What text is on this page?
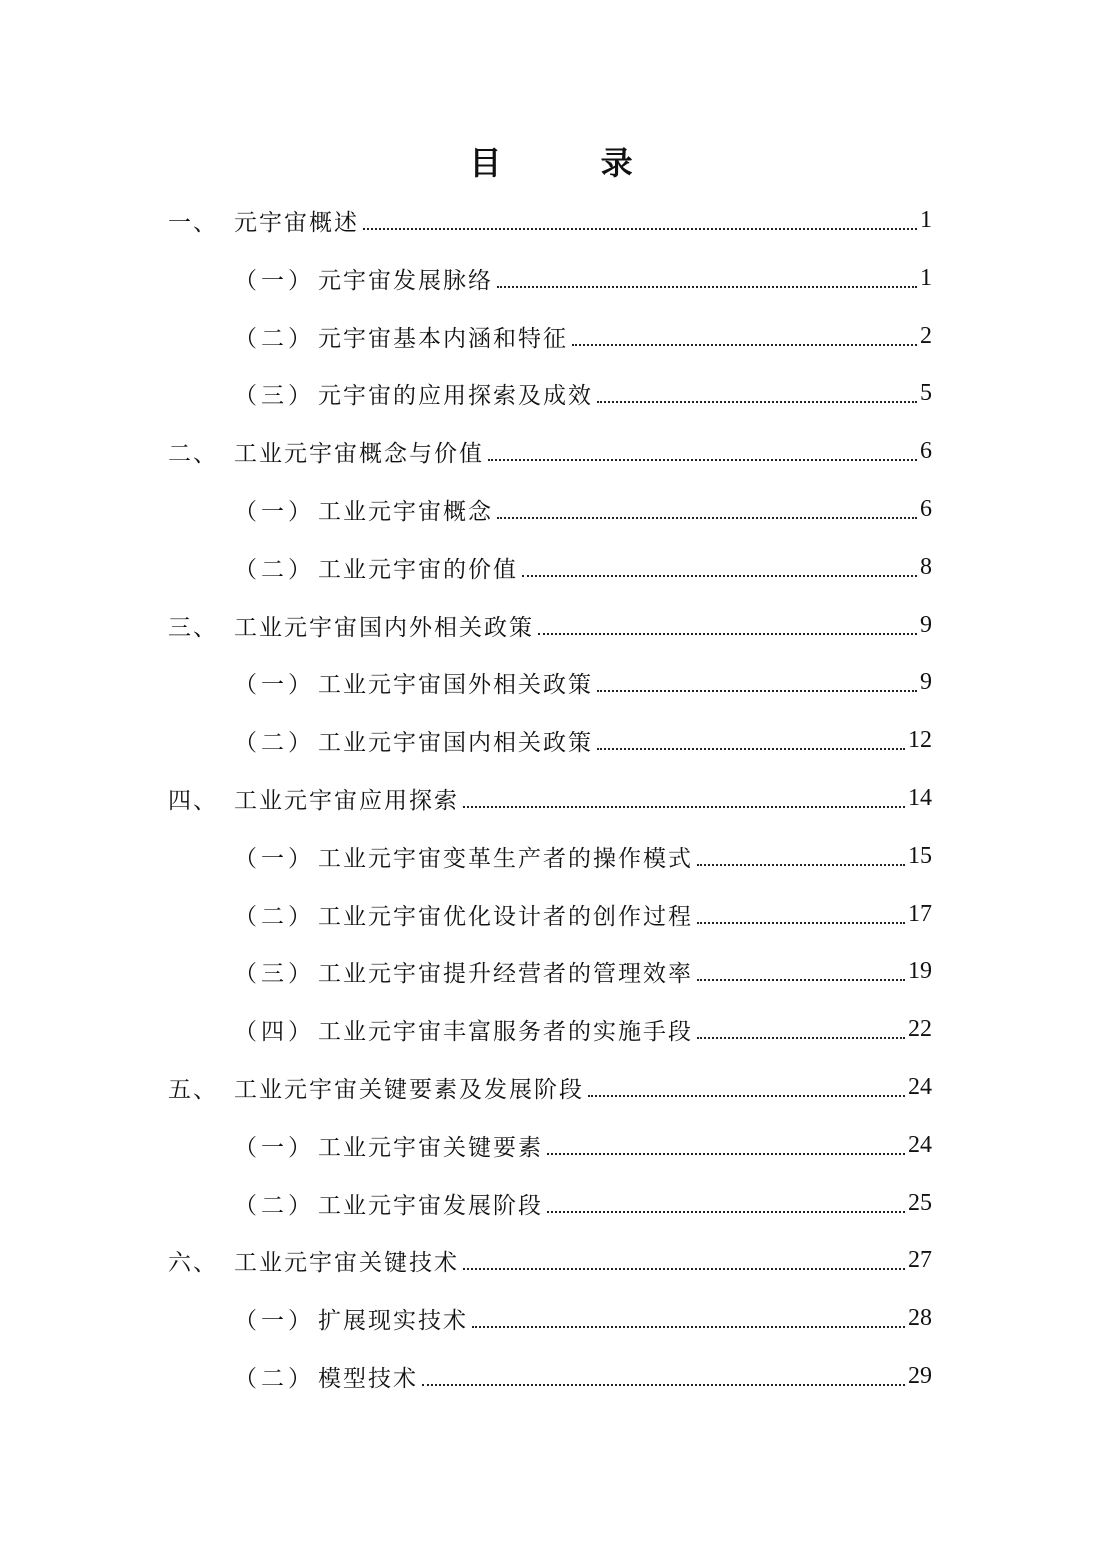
目 录
一、 元宇宙概述	1
（一） 元宇宙发展脉络	1
（二） 元宇宙基本内涵和特征	2
（三） 元宇宙的应用探索及成效	5
二、 工业元宇宙概念与价值	6
（一） 工业元宇宙概念	6
（二） 工业元宇宙的价值	8
三、 工业元宇宙国内外相关政策	9
（一） 工业元宇宙国外相关政策	9
（二） 工业元宇宙国内相关政策	12
四、 工业元宇宙应用探索	14
（一） 工业元宇宙变革生产者的操作模式	15
（二） 工业元宇宙优化设计者的创作过程	17
（三） 工业元宇宙提升经营者的管理效率	19
（四） 工业元宇宙丰富服务者的实施手段	22
五、 工业元宇宙关键要素及发展阶段	24
（一） 工业元宇宙关键要素	24
（二） 工业元宇宙发展阶段	25
六、 工业元宇宙关键技术	27
（一） 扩展现实技术	28
（二） 模型技术	29
